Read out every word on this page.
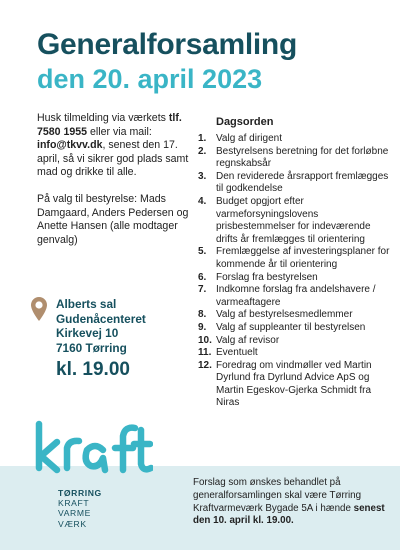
Generalforsamling
den 20. april 2023

Husk tilmelding via værkets tlf. 7580 1955 eller via mail: info@tkvv.dk, senest den 17. april, så vi sikrer god plads samt mad og drikke til alle.

På valg til bestyrelse: Mads Damgaard, Anders Pedersen og Anette Hansen (alle modtager genvalg)

Alberts sal
Gudenåcenteret
Kirkevej 10
7160 Tørring
kl. 19.00
Dagsorden
1. Valg af dirigent
2. Bestyrelsens beretning for det forløbne regnskabsår
3. Den reviderede årsrapport fremlægges til godkendelse
4. Budget opgjort efter varmeforsyningslovens prisbestemmelser for indeværende drifts år fremlægges til orientering
5. Fremlæggelse af investeringsplaner for kommende år til orientering
6. Forslag fra bestyrelsen
7. Indkomne forslag fra andelshavere / varmeaftagere
8. Valg af bestyrelsesmedlemmer
9. Valg af suppleanter til bestyrelsen
10. Valg af revisor
11. Eventuelt
12. Foredrag om vindmøller ved Martin Dyrlund fra Dyrlund Advice ApS og Martin Egeskov-Gjerka Schmidt fra Niras
TØRRING
KRAFT
VARME
VÆRK
Forslag som ønskes behandlet på generalforsamlingen skal være Tørring Kraftvarmeværk Bygade 5A i hænde senest den 10. april kl. 19.00.
